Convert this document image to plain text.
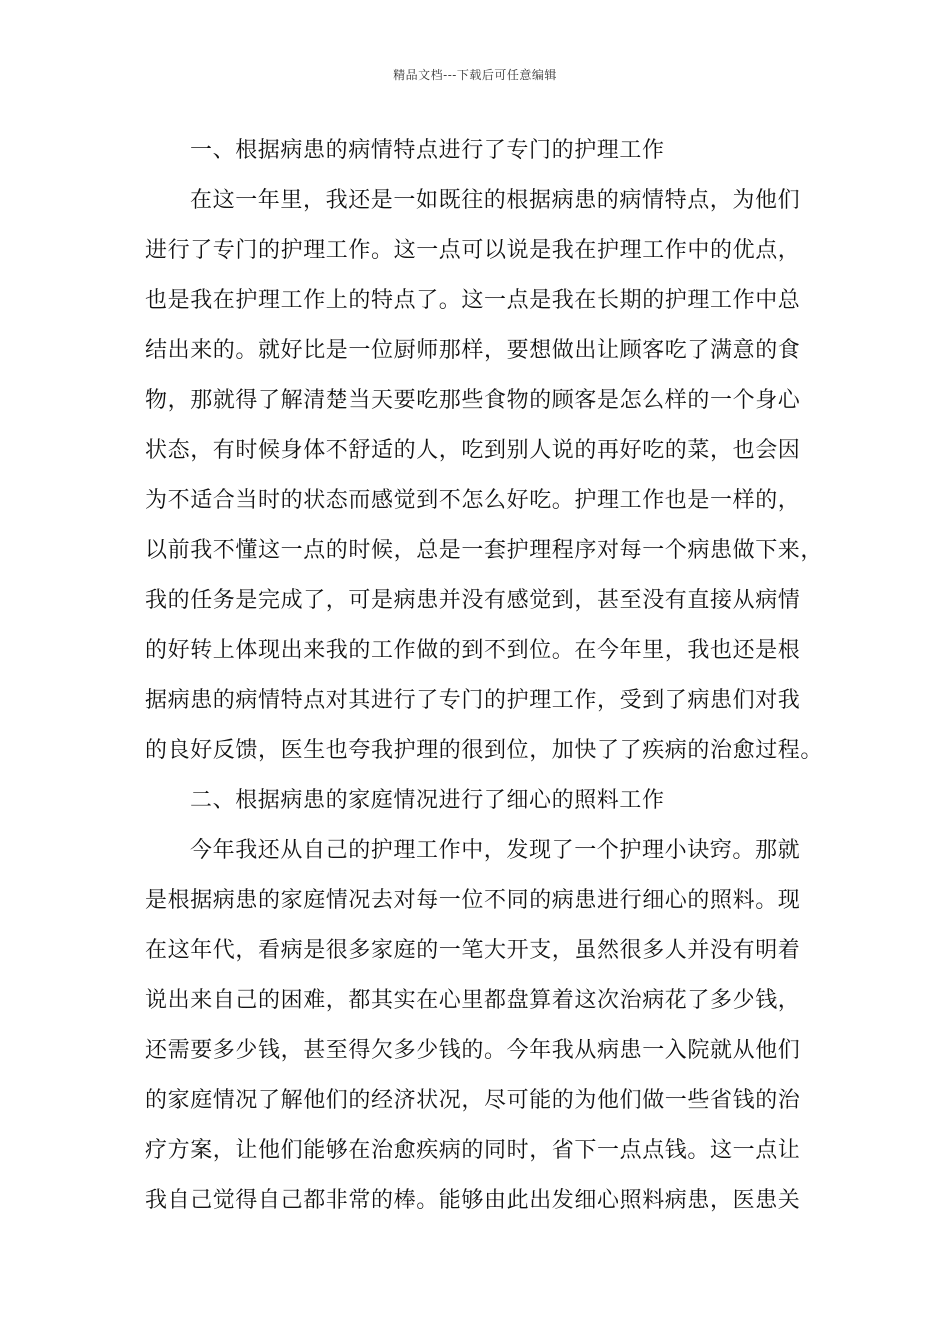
精品文档---下载后可任意编辑
一、根据病患的病情特点进行了专门的护理工作
在这一年里，我还是一如既往的根据病患的病情特点，为他们
进行了专门的护理工作。这一点可以说是我在护理工作中的优点，
也是我在护理工作上的特点了。这一点是我在长期的护理工作中总
结出来的。就好比是一位厨师那样，要想做出让顾客吃了满意的食
物，那就得了解清楚当天要吃那些食物的顾客是怎么样的一个身心
状态，有时候身体不舒适的人，吃到别人说的再好吃的菜，也会因
为不适合当时的状态而感觉到不怎么好吃。护理工作也是一样的，
以前我不懂这一点的时候，总是一套护理程序对每一个病患做下来，
我的任务是完成了，可是病患并没有感觉到，甚至没有直接从病情
的好转上体现出来我的工作做的到不到位。在今年里，我也还是根
据病患的病情特点对其进行了专门的护理工作，受到了病患们对我
的良好反馈，医生也夸我护理的很到位，加快了了疾病的治愈过程。
二、根据病患的家庭情况进行了细心的照料工作
今年我还从自己的护理工作中，发现了一个护理小诀窍。那就
是根据病患的家庭情况去对每一位不同的病患进行细心的照料。现
在这年代，看病是很多家庭的一笔大开支，虽然很多人并没有明着
说出来自己的困难，都其实在心里都盘算着这次治病花了多少钱，
还需要多少钱，甚至得欠多少钱的。今年我从病患一入院就从他们
的家庭情况了解他们的经济状况，尽可能的为他们做一些省钱的治
疗方案，让他们能够在治愈疾病的同时，省下一点点钱。这一点让
我自己觉得自己都非常的棒。能够由此出发细心照料病患，医患关
